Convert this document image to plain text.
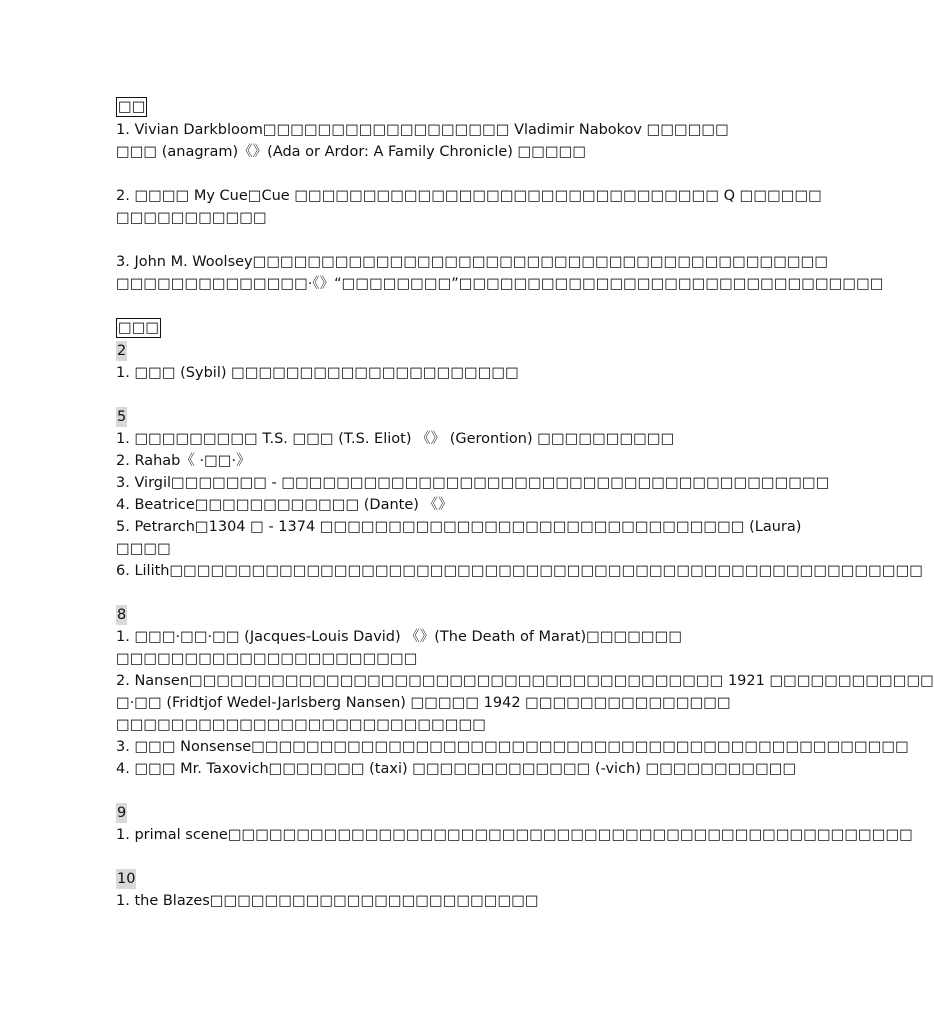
□□
1. Vivian Darkbloom□□□□□□□□□□□□□□□□□□ Vladimir Nabokov □□□□□□
□□□ (anagram)《》(Ada or Ardor: A Family Chronicle) □□□□□
2. □□□□ My Cue□Cue □□□□□□□□□□□□□□□□□□□□□□□□□□□□□□□ Q □□□□□□
□□□□□□□□□□□
3. John M. Woolsey□□□□□□□□□□□□□□□□□□□□□□□□□□□□□□□□□□□□□□□□□□
□□□□□□□□□□□□□□·《》“□□□□□□□□”□□□□□□□□□□□□□□□□□□□□□□□□□□□□□□□
□□□
2
1. □□□ (Sybil) □□□□□□□□□□□□□□□□□□□□□
5
1. □□□□□□□□□ T.S. □□□ (T.S. Eliot) 《》 (Gerontion) □□□□□□□□□□
2. Rahab《 ·□□·》
3. Virgil□□□□□□□ - □□□□□□□□□□□□□□□□□□□□□□□□□□□□□□□□□□□□□□□□
4. Beatrice□□□□□□□□□□□□ (Dante) 《》
5. Petrarch□1304 □ - 1374 □□□□□□□□□□□□□□□□□□□□□□□□□□□□□□□ (Laura)
□□□□
6. Lilith□□□□□□□□□□□□□□□□□□□□□□□□□□□□□□□□□□□□□□□□□□□□□□□□□□□□□□□
8
1. □□□·□□·□□ (Jacques-Louis David) 《》(The Death of Marat)□□□□□□□
□□□□□□□□□□□□□□□□□□□□□□
2. Nansen□□□□□□□□□□□□□□□□□□□□□□□□□□□□□□□□□□□□□□□ 1921 □□□□□□□□□□□□
□·□□ (Fridtjof Wedel-Jarlsberg Nansen) □□□□□ 1942 □□□□□□□□□□□□□□□
□□□□□□□□□□□□□□□□□□□□□□□□□□□
3. □□□ Nonsense□□□□□□□□□□□□□□□□□□□□□□□□□□□□□□□□□□□□□□□□□□□□□□□□
4. □□□ Mr. Taxovich□□□□□□□ (taxi) □□□□□□□□□□□□□ (-vich) □□□□□□□□□□□
9
1. primal scene□□□□□□□□□□□□□□□□□□□□□□□□□□□□□□□□□□□□□□□□□□□□□□□□□□
10
1. the Blazes□□□□□□□□□□□□□□□□□□□□□□□□
